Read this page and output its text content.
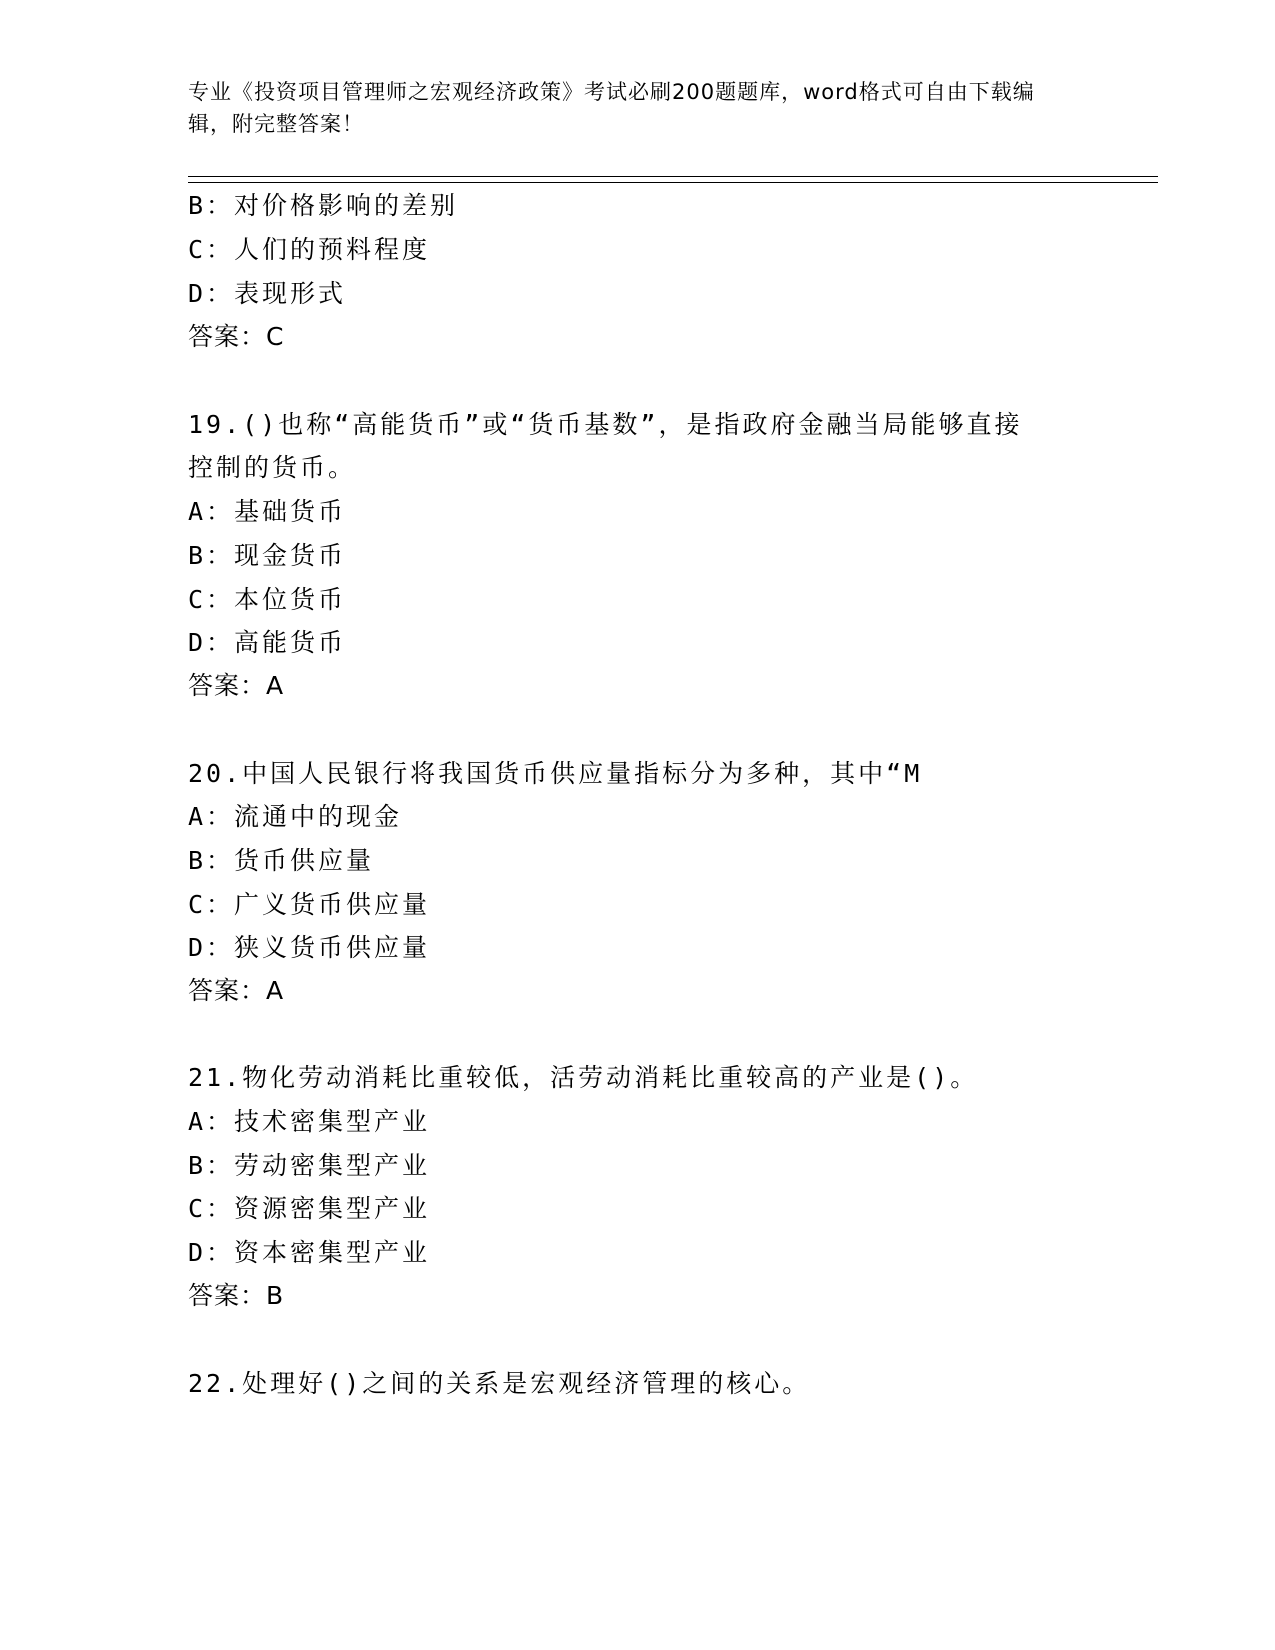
专业《投资项目管理师之宏观经济政策》考试必刷200题题库，word格式可自由下载编辑，附完整答案！

B：对价格影响的差别

C：人们的预料程度

D：表现形式

答案：C

19.()也称“高能货币”或“货币基数”，是指政府金融当局能够直接

控制的货币。

A：基础货币

B：现金货币

C：本位货币

D：高能货币

答案：A

20.中国人民银行将我国货币供应量指标分为多种，其中“M

A：流通中的现金

B：货币供应量

C：广义货币供应量

D：狭义货币供应量

答案：A

21.物化劳动消耗比重较低，活劳动消耗比重较高的产业是()。

A：技术密集型产业

B：劳动密集型产业

C：资源密集型产业

D：资本密集型产业

答案：B

22.处理好()之间的关系是宏观经济管理的核心。
